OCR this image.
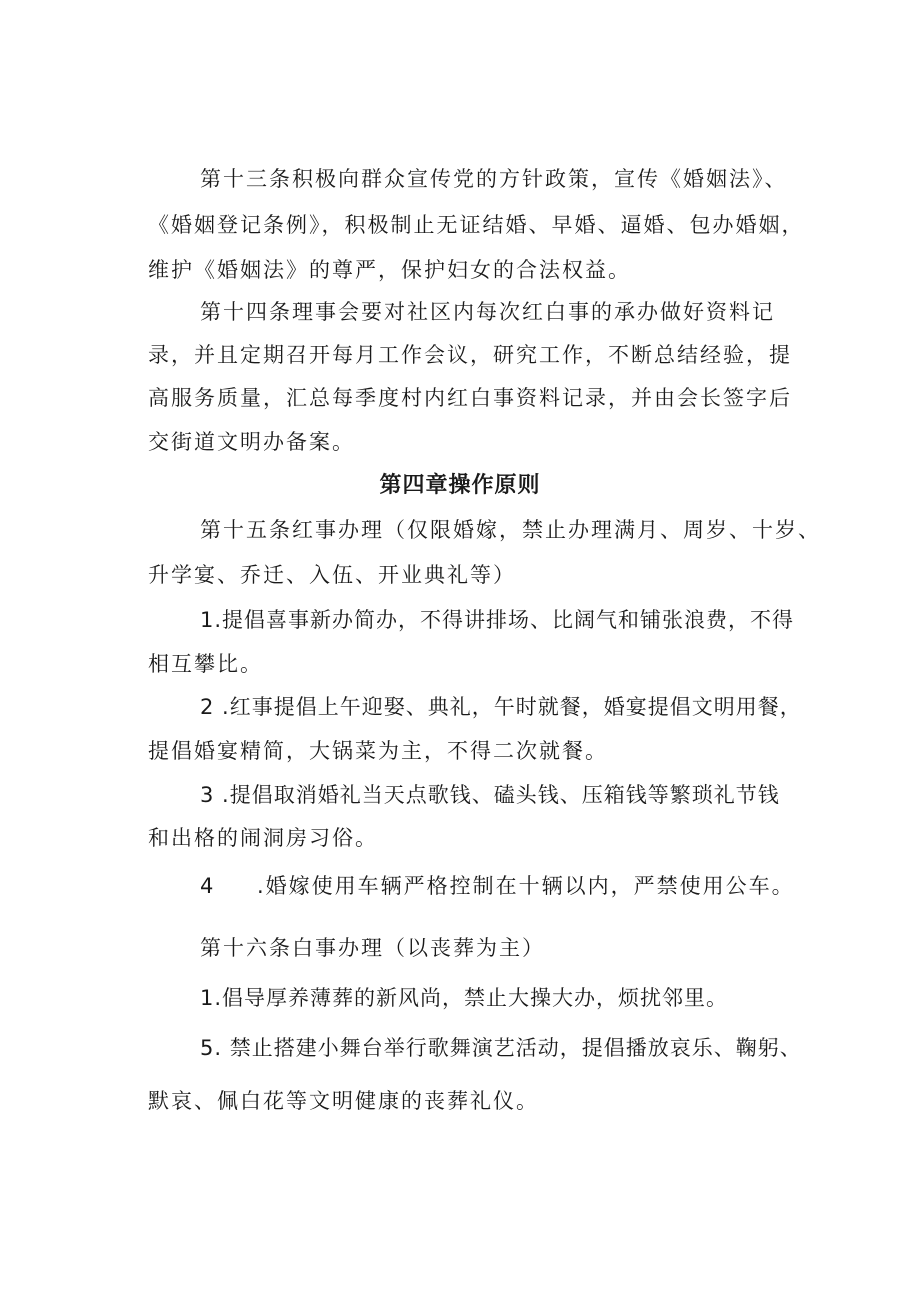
第十三条积极向群众宣传党的方针政策，宣传《婚姻法》、
《婚姻登记条例》，积极制止无证结婚、早婚、逼婚、包办婚姻，
维护《婚姻法》的尊严，保护妇女的合法权益。
第十四条理事会要对社区内每次红白事的承办做好资料记
录，并且定期召开每月工作会议，研究工作，不断总结经验，提
高服务质量，汇总每季度村内红白事资料记录，并由会长签字后
交街道文明办备案。
第四章操作原则
第十五条红事办理（仅限婚嫁，禁止办理满月、周岁、十岁、
升学宴、乔迁、入伍、开业典礼等）
1.提倡喜事新办简办，不得讲排场、比阔气和铺张浪费，不得
相互攀比。
2 .红事提倡上午迎娶、典礼，午时就餐，婚宴提倡文明用餐，
提倡婚宴精简，大锅菜为主，不得二次就餐。
3 .提倡取消婚礼当天点歌钱、磕头钱、压箱钱等繁琐礼节钱
和出格的闹洞房习俗。
4 .婚嫁使用车辆严格控制在十辆以内，严禁使用公车。
第十六条白事办理（以丧葬为主）
1.倡导厚养薄葬的新风尚，禁止大操大办，烦扰邻里。
5. 禁止搭建小舞台举行歌舞演艺活动，提倡播放哀乐、鞠躬、
默哀、佩白花等文明健康的丧葬礼仪。
